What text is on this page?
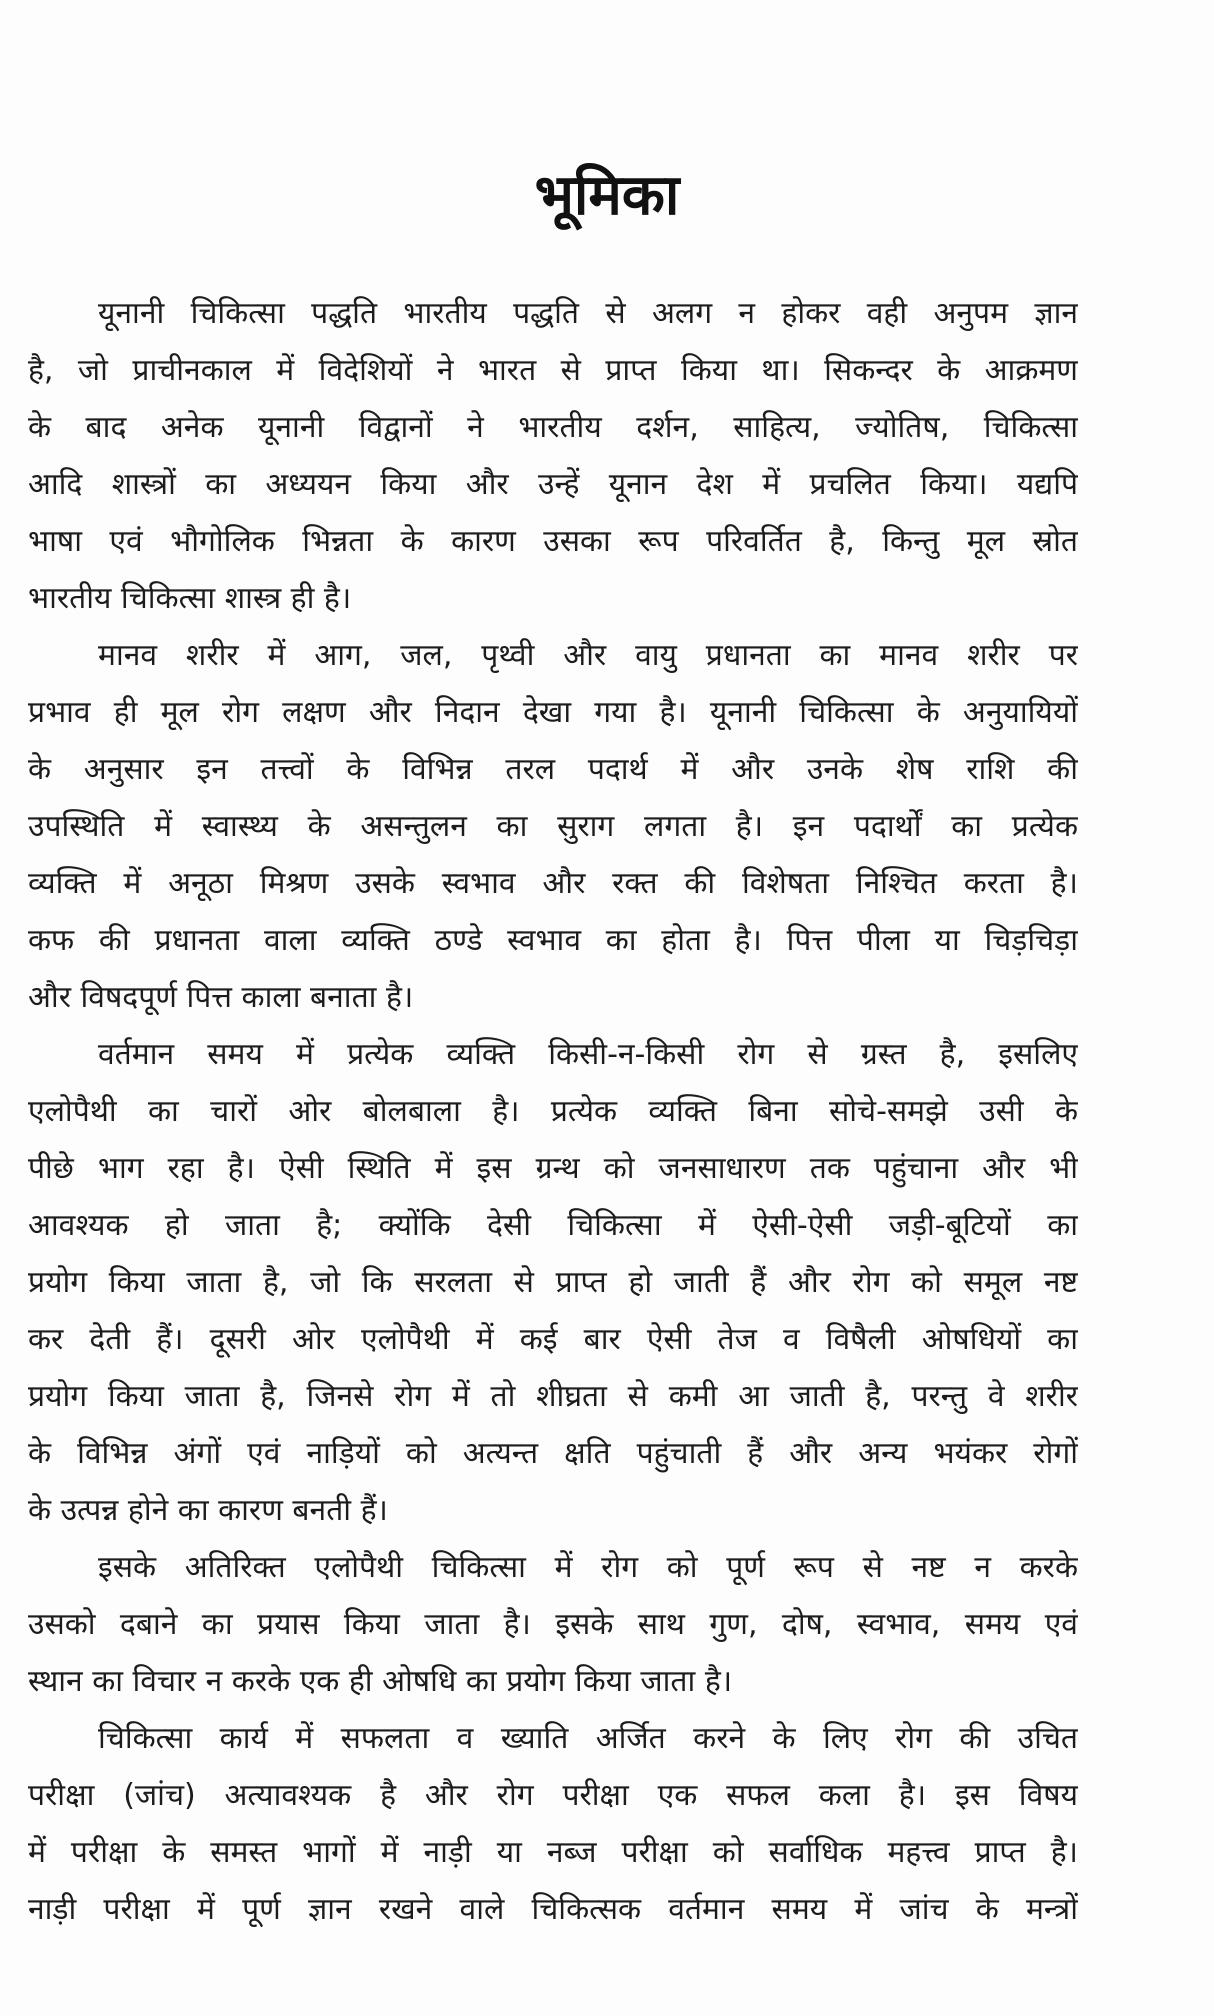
भूमिका
यूनानी चिकित्सा पद्धति भारतीय पद्धति से अलग न होकर वही अनुपम ज्ञान
है, जो प्राचीनकाल में विदेशियों ने भारत से प्राप्त किया था। सिकन्दर के आक्रमण
के बाद अनेक यूनानी विद्वानों ने भारतीय दर्शन, साहित्य, ज्योतिष, चिकित्सा
आदि शास्त्रों का अध्ययन किया और उन्हें यूनान देश में प्रचलित किया। यद्यपि
भाषा एवं भौगोलिक भिन्नता के कारण उसका रूप परिवर्तित है, किन्तु मूल स्रोत
भारतीय चिकित्सा शास्त्र ही है।
मानव शरीर में आग, जल, पृथ्वी और वायु प्रधानता का मानव शरीर पर
प्रभाव ही मूल रोग लक्षण और निदान देखा गया है। यूनानी चिकित्सा के अनुयायियों
के अनुसार इन तत्त्वों के विभिन्न तरल पदार्थ में और उनके शेष राशि की
उपस्थिति में स्वास्थ्य के असन्तुलन का सुराग लगता है। इन पदार्थों का प्रत्येक
व्यक्ति में अनूठा मिश्रण उसके स्वभाव और रक्त की विशेषता निश्चित करता है।
कफ की प्रधानता वाला व्यक्ति ठण्डे स्वभाव का होता है। पित्त पीला या चिड़चिड़ा
और विषदपूर्ण पित्त काला बनाता है।
वर्तमान समय में प्रत्येक व्यक्ति किसी-न-किसी रोग से ग्रस्त है, इसलिए
एलोपैथी का चारों ओर बोलबाला है। प्रत्येक व्यक्ति बिना सोचे-समझे उसी के
पीछे भाग रहा है। ऐसी स्थिति में इस ग्रन्थ को जनसाधारण तक पहुंचाना और भी
आवश्यक हो जाता है; क्योंकि देसी चिकित्सा में ऐसी-ऐसी जड़ी-बूटियों का
प्रयोग किया जाता है, जो कि सरलता से प्राप्त हो जाती हैं और रोग को समूल नष्ट
कर देती हैं। दूसरी ओर एलोपैथी में कई बार ऐसी तेज व विषैली ओषधियों का
प्रयोग किया जाता है, जिनसे रोग में तो शीघ्रता से कमी आ जाती है, परन्तु वे शरीर
के विभिन्न अंगों एवं नाड़ियों को अत्यन्त क्षति पहुंचाती हैं और अन्य भयंकर रोगों
के उत्पन्न होने का कारण बनती हैं।
इसके अतिरिक्त एलोपैथी चिकित्सा में रोग को पूर्ण रूप से नष्ट न करके
उसको दबाने का प्रयास किया जाता है। इसके साथ गुण, दोष, स्वभाव, समय एवं
स्थान का विचार न करके एक ही ओषधि का प्रयोग किया जाता है।
चिकित्सा कार्य में सफलता व ख्याति अर्जित करने के लिए रोग की उचित
परीक्षा (जांच) अत्यावश्यक है और रोग परीक्षा एक सफल कला है। इस विषय
में परीक्षा के समस्त भागों में नाड़ी या नब्ज परीक्षा को सर्वाधिक महत्त्व प्राप्त है।
नाड़ी परीक्षा में पूर्ण ज्ञान रखने वाले चिकित्सक वर्तमान समय में जांच के मन्त्रों
